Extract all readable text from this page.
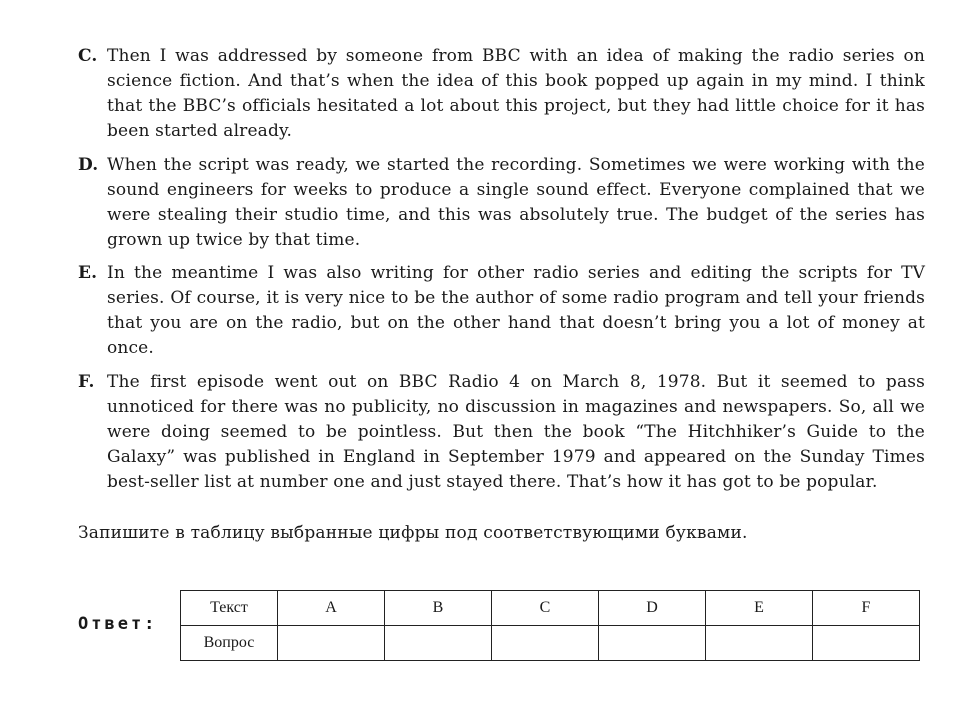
C. Then I was addressed by someone from BBC with an idea of making the radio series on science fiction. And that’s when the idea of this book popped up again in my mind. I think that the BBC’s officials hesitated a lot about this project, but they had little choice for it has been started already.
D. When the script was ready, we started the recording. Sometimes we were working with the sound engineers for weeks to produce a single sound effect. Everyone complained that we were stealing their studio time, and this was absolutely true. The budget of the series has grown up twice by that time.
E. In the meantime I was also writing for other radio series and editing the scripts for TV series. Of course, it is very nice to be the author of some radio program and tell your friends that you are on the radio, but on the other hand that doesn’t bring you a lot of money at once.
F. The first episode went out on BBC Radio 4 on March 8, 1978. But it seemed to pass unnoticed for there was no publicity, no discussion in magazines and newspapers. So, all we were doing seemed to be pointless. But then the book “The Hitchhiker’s Guide to the Galaxy” was published in England in September 1979 and appeared on the Sunday Times best-seller list at number one and just stayed there. That’s how it has got to be popular.
Запишите в таблицу выбранные цифры под соответствующими буквами.
Ответ:
Текст	A	B	C	D	E	F
Вопрос						
